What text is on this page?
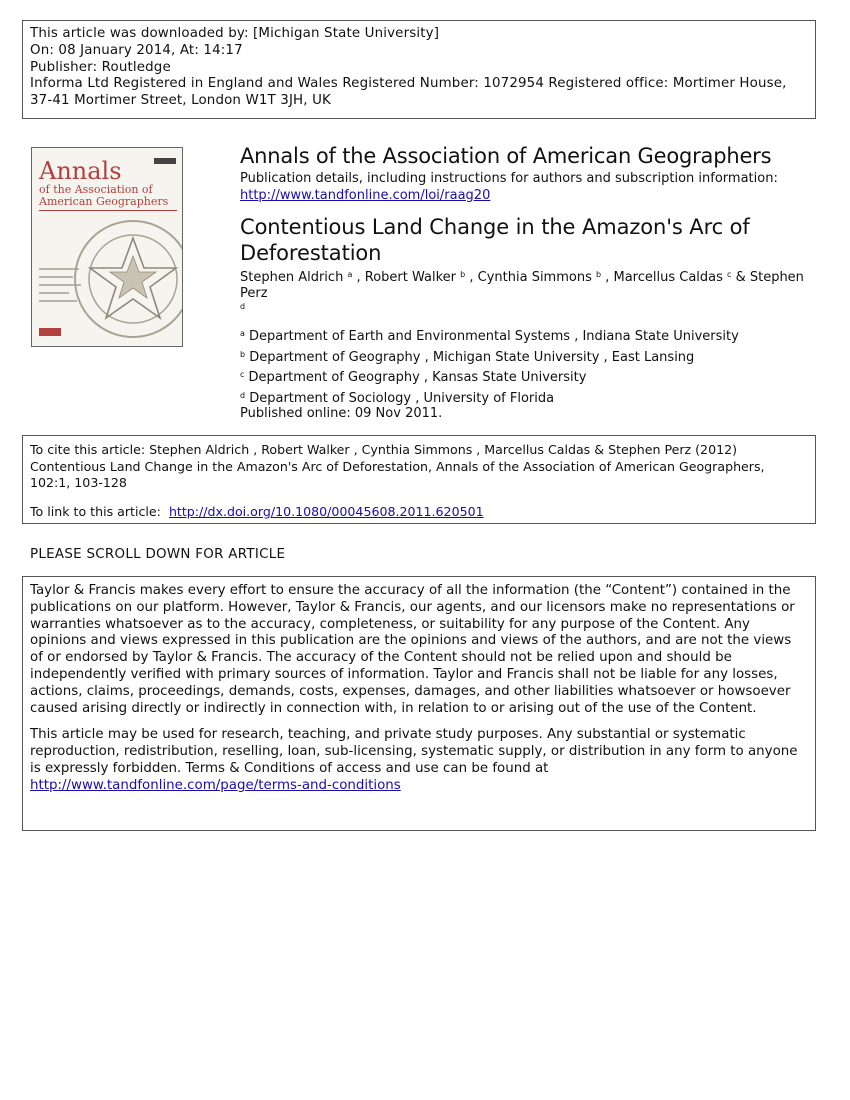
This article was downloaded by: [Michigan State University]
On: 08 January 2014, At: 14:17
Publisher: Routledge
Informa Ltd Registered in England and Wales Registered Number: 1072954 Registered office: Mortimer House,
37-41 Mortimer Street, London W1T 3JH, UK
Annals
of the Association of American Geographers
Annals of the Association of American Geographers
Publication details, including instructions for authors and subscription information:
http://www.tandfonline.com/loi/raag20
Contentious Land Change in the Amazon's Arc of Deforestation
Stephen Aldrich $^a$ , Robert Walker $^b$ , Cynthia Simmons $^b$ , Marcellus Caldas $^c$ & Stephen Perz
$^d$
$^a$ Department of Earth and Environmental Systems , Indiana State University
$^b$ Department of Geography , Michigan State University , East Lansing
$^c$ Department of Geography , Kansas State University
$^d$ Department of Sociology , University of Florida
Published online: 09 Nov 2011.
To cite this article: Stephen Aldrich , Robert Walker , Cynthia Simmons , Marcellus Caldas & Stephen Perz (2012) Contentious Land Change in the Amazon's Arc of Deforestation, Annals of the Association of American Geographers, 102:1, 103-128
To link to this article: http://dx.doi.org/10.1080/00045608.2011.620501
PLEASE SCROLL DOWN FOR ARTICLE

Taylor & Francis makes every effort to ensure the accuracy of all the information (the “Content”) contained in the publications on our platform. However, Taylor & Francis, our agents, and our licensors make no representations or warranties whatsoever as to the accuracy, completeness, or suitability for any purpose of the Content. Any opinions and views expressed in this publication are the opinions and views of the authors, and are not the views of or endorsed by Taylor & Francis. The accuracy of the Content should not be relied upon and should be independently verified with primary sources of information. Taylor and Francis shall not be liable for any losses, actions, claims, proceedings, demands, costs, expenses, damages, and other liabilities whatsoever or howsoever caused arising directly or indirectly in connection with, in relation to or arising out of the use of the Content.

This article may be used for research, teaching, and private study purposes. Any substantial or systematic reproduction, redistribution, reselling, loan, sub-licensing, systematic supply, or distribution in any form to anyone is expressly forbidden. Terms & Conditions of access and use can be found at http://www.tandfonline.com/page/terms-and-conditions
